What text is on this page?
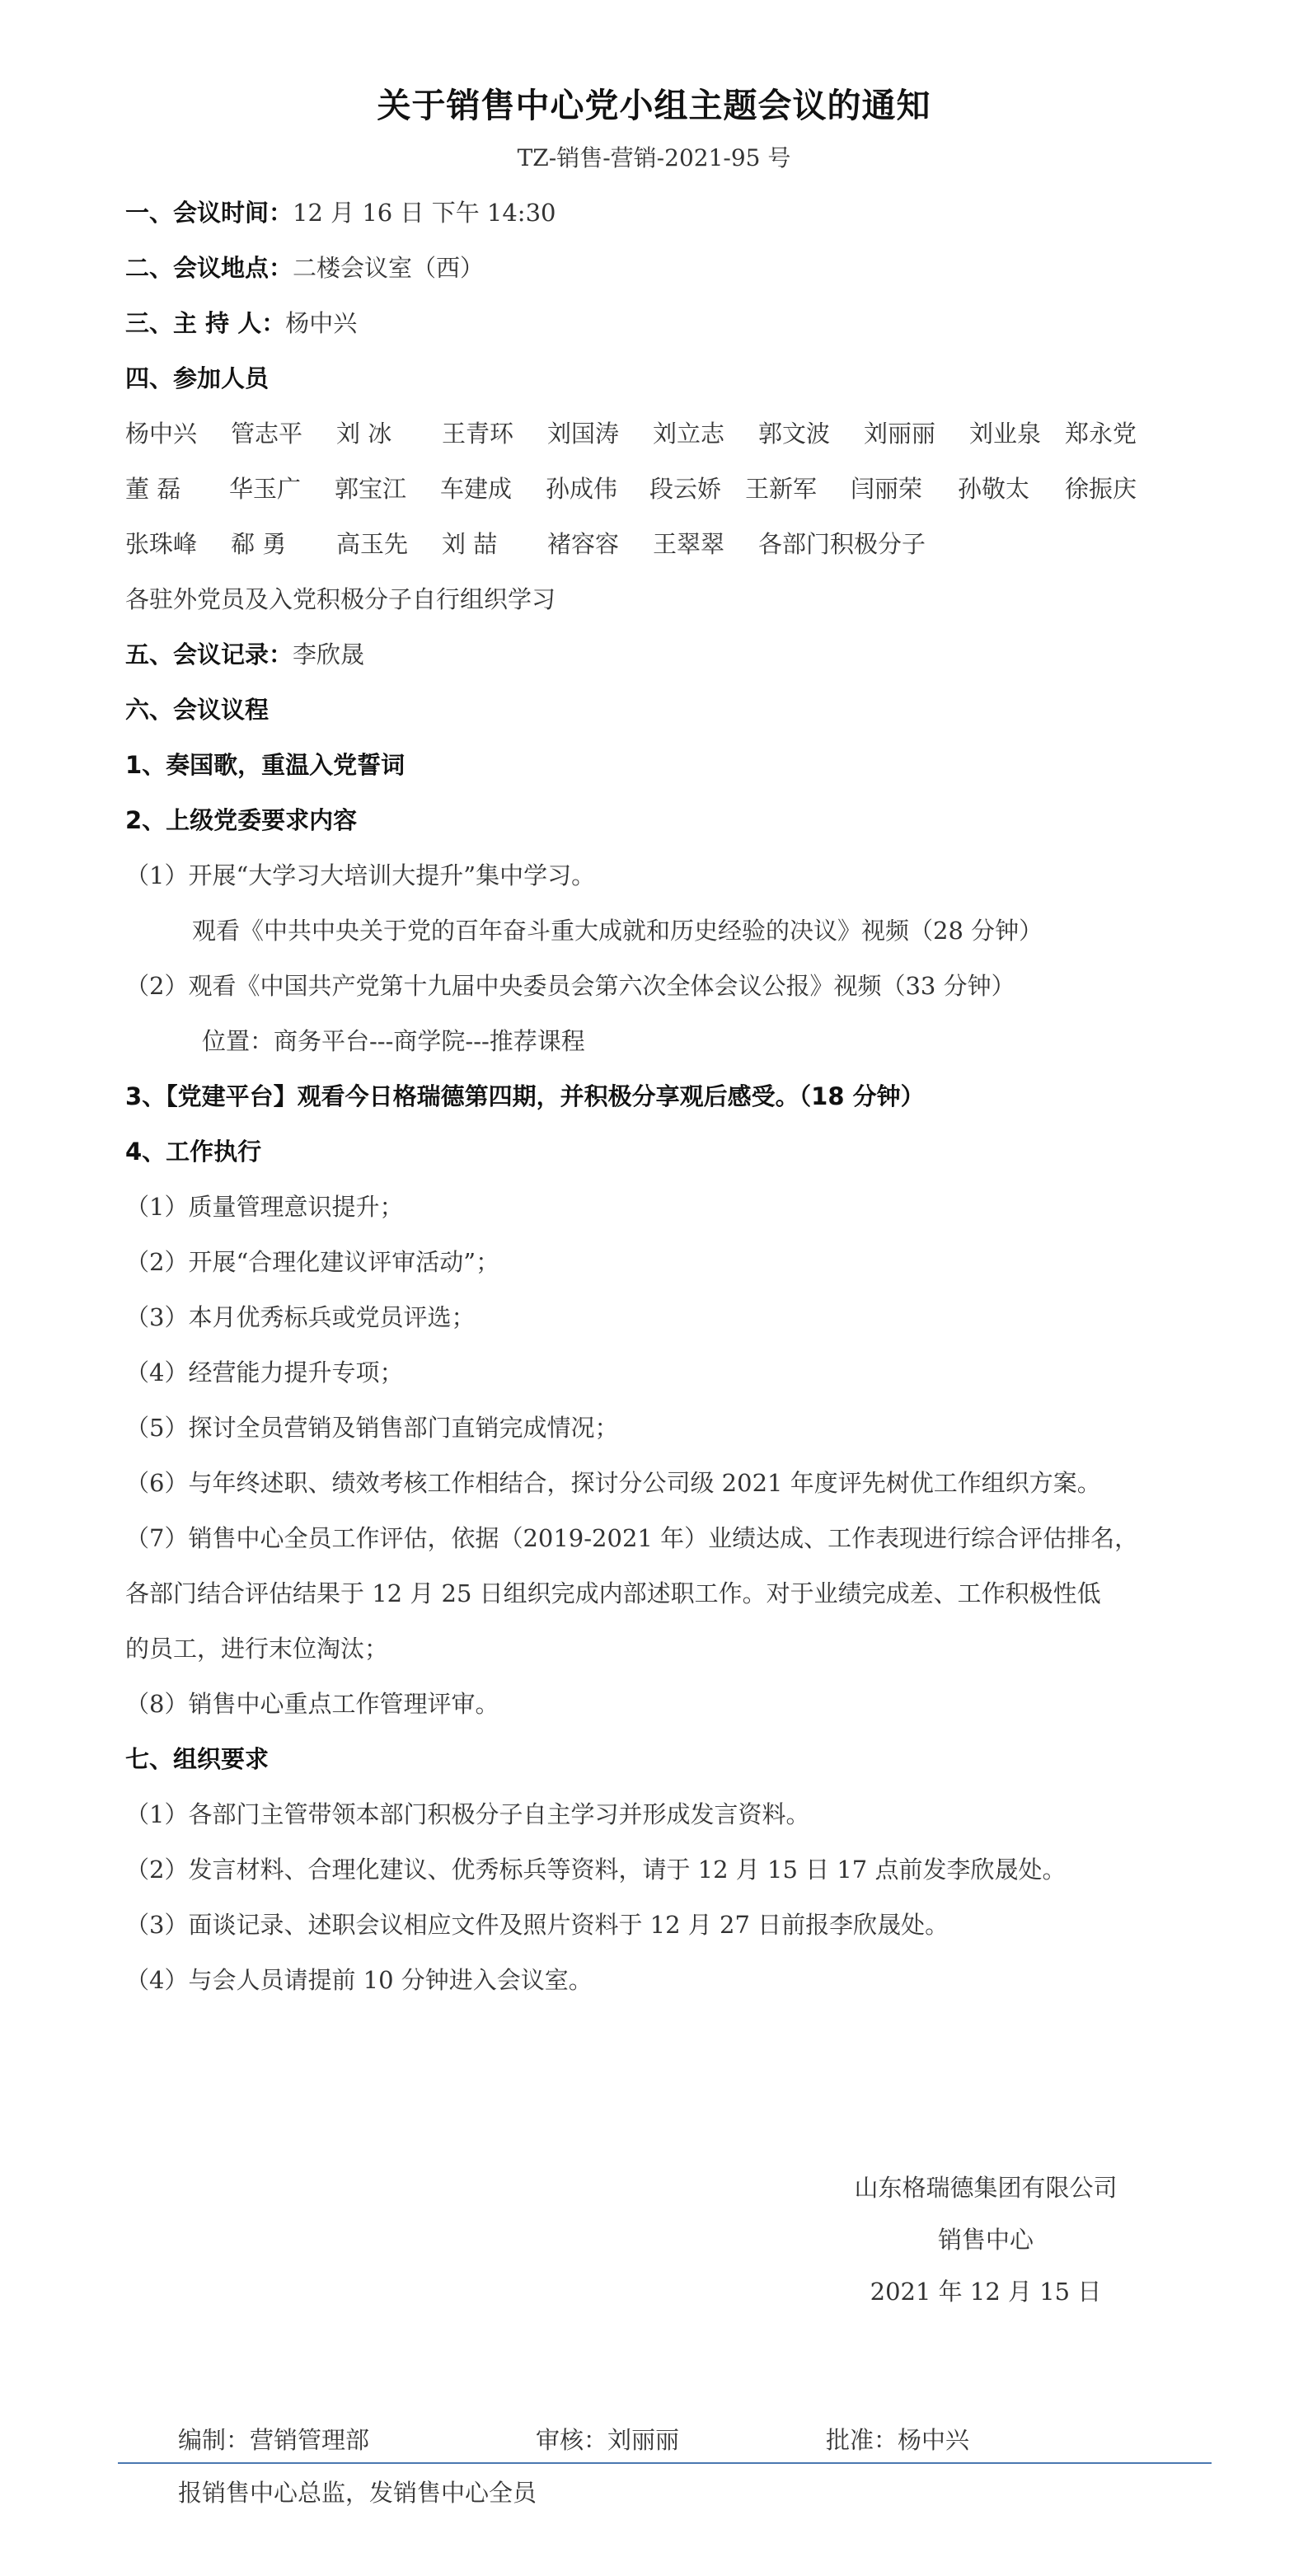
关于销售中心党小组主题会议的通知
TZ-销售-营销-2021-95 号
一、会议时间：12 月 16 日 下午 14:30
二、会议地点：二楼会议室（西）
三、主 持 人：杨中兴
四、参加人员
杨中兴 管志平 刘 冰 王青环 刘国涛 刘立志 郭文波 刘丽丽 刘业泉 郑永党
董 磊 华玉广 郭宝江 车建成 孙成伟 段云娇 王新军 闫丽荣 孙敬太 徐振庆
张珠峰 郗 勇 高玉先 刘 喆 褚容容 王翠翠 各部门积极分子
各驻外党员及入党积极分子自行组织学习
五、会议记录：李欣晟
六、会议议程
1、奏国歌，重温入党誓词
2、上级党委要求内容
（1）开展“大学习大培训大提升”集中学习。
观看《中共中央关于党的百年奋斗重大成就和历史经验的决议》视频（28 分钟）
（2）观看《中国共产党第十九届中央委员会第六次全体会议公报》视频（33 分钟）
位置：商务平台---商学院---推荐课程
3、【党建平台】观看今日格瑞德第四期，并积极分享观后感受。（18 分钟）
4、工作执行
（1）质量管理意识提升；
（2）开展“合理化建议评审活动”；
（3）本月优秀标兵或党员评选；
（4）经营能力提升专项；
（5）探讨全员营销及销售部门直销完成情况；
（6）与年终述职、绩效考核工作相结合，探讨分公司级 2021 年度评先树优工作组织方案。
（7）销售中心全员工作评估，依据（2019-2021 年）业绩达成、工作表现进行综合评估排名，
各部门结合评估结果于 12 月 25 日组织完成内部述职工作。对于业绩完成差、工作积极性低
的员工，进行末位淘汰；
（8）销售中心重点工作管理评审。
七、组织要求
（1）各部门主管带领本部门积极分子自主学习并形成发言资料。
（2）发言材料、合理化建议、优秀标兵等资料，请于 12 月 15 日 17 点前发李欣晟处。
（3）面谈记录、述职会议相应文件及照片资料于 12 月 27 日前报李欣晟处。
（4）与会人员请提前 10 分钟进入会议室。
山东格瑞德集团有限公司
销售中心
2021 年 12 月 15 日
编制：营销管理部	审核：刘丽丽	批准：杨中兴
报销售中心总监，发销售中心全员
